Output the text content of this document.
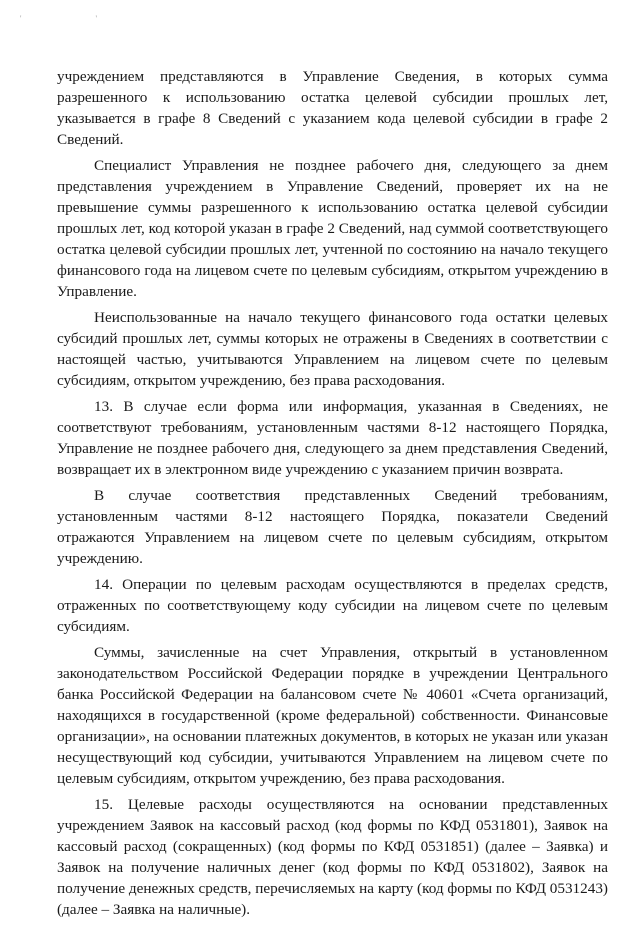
' '

учреждением представляются в Управление Сведения, в которых сумма разрешенного к использованию остатка целевой субсидии прошлых лет, указывается в графе 8 Сведений с указанием кода целевой субсидии в графе 2 Сведений.

Специалист Управления не позднее рабочего дня, следующего за днем представления учреждением в Управление Сведений, проверяет их на не превышение суммы разрешенного к использованию остатка целевой субсидии прошлых лет, код которой указан в графе 2 Сведений, над суммой соответствующего остатка целевой субсидии прошлых лет, учтенной по состоянию на начало текущего финансового года на лицевом счете по целевым субсидиям, открытом учреждению в Управление.

Неиспользованные на начало текущего финансового года остатки целевых субсидий прошлых лет, суммы которых не отражены в Сведениях в соответствии с настоящей частью, учитываются Управлением на лицевом счете по целевым субсидиям, открытом учреждению, без права расходования.

13. В случае если форма или информация, указанная в Сведениях, не соответствуют требованиям, установленным частями 8-12 настоящего Порядка, Управление не позднее рабочего дня, следующего за днем представления Сведений, возвращает их в электронном виде учреждению с указанием причин возврата.

В случае соответствия представленных Сведений требованиям, установленным частями 8-12 настоящего Порядка, показатели Сведений отражаются Управлением на лицевом счете по целевым субсидиям, открытом учреждению.

14. Операции по целевым расходам осуществляются в пределах средств, отраженных по соответствующему коду субсидии на лицевом счете по целевым субсидиям.

Суммы, зачисленные на счет Управления, открытый в установленном законодательством Российской Федерации порядке в учреждении Центрального банка Российской Федерации на балансовом счете № 40601 «Счета организаций, находящихся в государственной (кроме федеральной) собственности. Финансовые организации», на основании платежных документов, в которых не указан или указан несуществующий код субсидии, учитываются Управлением на лицевом счете по целевым субсидиям, открытом учреждению, без права расходования.

15. Целевые расходы осуществляются на основании представленных учреждением Заявок на кассовый расход (код формы по КФД 0531801), Заявок на кассовый расход (сокращенных) (код формы по КФД 0531851) (далее – Заявка) и Заявок на получение наличных денег (код формы по КФД 0531802), Заявок на получение денежных средств, перечисляемых на карту (код формы по КФД 0531243) (далее – Заявка на наличные).
